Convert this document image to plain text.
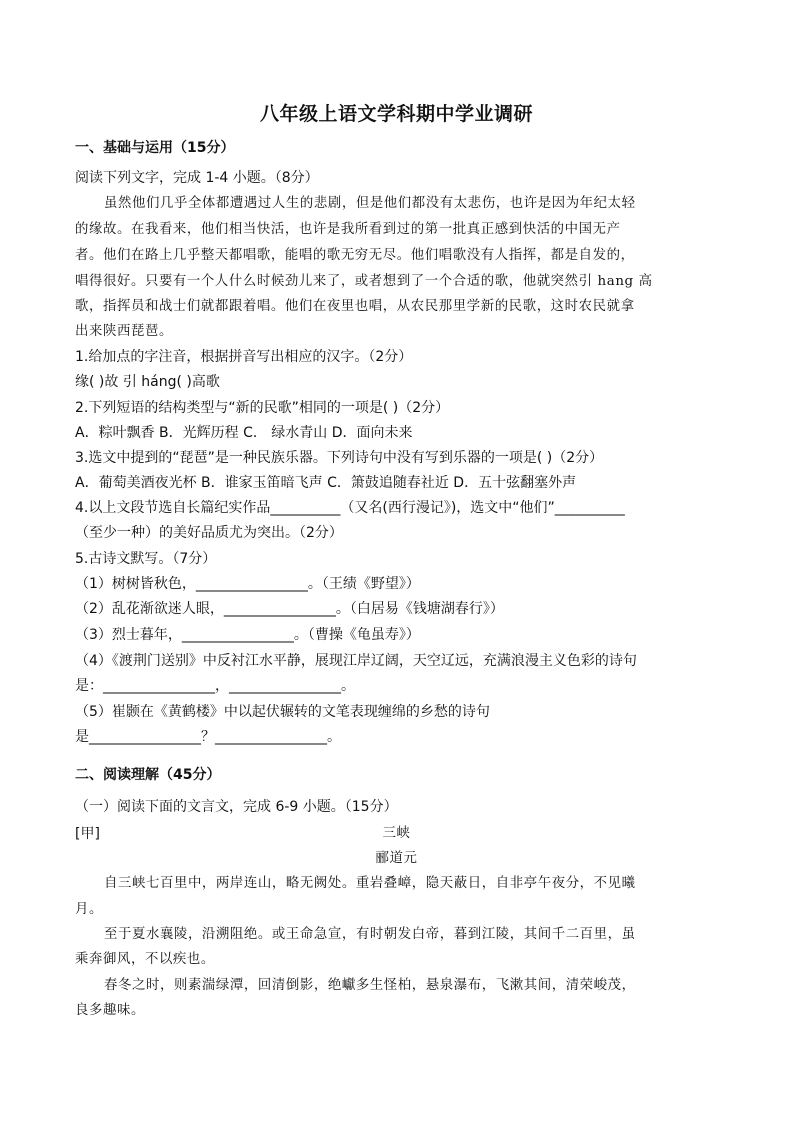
八年级上语文学科期中学业调研
一、基础与运用（15分）
阅读下列文字，完成 1-4 小题。（8分）
虽然他们几乎全体都遭遇过人生的悲剧，但是他们都没有太悲伤，也许是因为年纪太轻
的缘故。在我看来，他们相当快活，也许是我所看到过的第一批真正感到快活的中国无产
者。他们在路上几乎整天都唱歌，能唱的歌无穷无尽。他们唱歌没有人指挥，都是自发的，
唱得很好。只要有一个人什么时候劲儿来了，或者想到了一个合适的歌，他就突然引 hang 高
歌，指挥员和战士们就都跟着唱。他们在夜里也唱，从农民那里学新的民歌，这时农民就拿
出来陕西琵琶。
1.给加点的字注音，根据拼音写出相应的汉字。（2分）
缘( )故 引 háng( )高歌
2.下列短语的结构类型与“新的民歌”相同的一项是( )（2分）
A．粽叶飘香 B．光辉历程 C． 绿水青山 D．面向未来
3.选文中提到的“琵琶”是一种民族乐器。下列诗句中没有写到乐器的一项是( )（2分）
A．葡萄美酒夜光杯 B．谁家玉笛暗飞声 C．箫鼓追随春社近 D．五十弦翻塞外声
4.以上文段节选自长篇纪实作品__________（又名(西行漫记》)，选文中“他们”__________
（至少一种）的美好品质尤为突出。（2分）
5.古诗文默写。（7分）
（1）树树皆秋色，________________。（王绩《野望》）
（2）乱花渐欲迷人眼，________________。（白居易《钱塘湖春行》）
（3）烈士暮年，________________。（曹操《龟虽寿》）
（4）《渡荆门送别》中反衬江水平静，展现江岸辽阔，天空辽远，充满浪漫主义色彩的诗句
是：________________，________________。
（5）崔颢在《黄鹤楼》中以起伏辗转的文笔表现缠绵的乡愁的诗句
是________________？________________。
二、阅读理解（45分）
（一）阅读下面的文言文，完成 6-9 小题。（15分）
[甲]	三峡
郦道元
自三峡七百里中，两岸连山，略无阙处。重岩叠嶂，隐天蔽日，自非亭午夜分，不见曦
月。
至于夏水襄陵，沿溯阻绝。或王命急宣，有时朝发白帝，暮到江陵，其间千二百里，虽
乘奔御风，不以疾也。
春冬之时，则素湍绿潭，回清倒影，绝巘多生怪柏，悬泉瀑布，飞漱其间，清荣峻茂，
良多趣味。
